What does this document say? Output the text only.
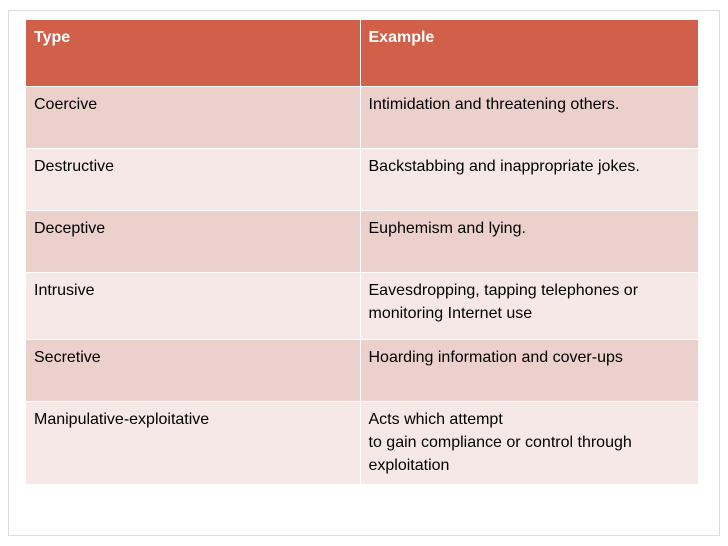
Type	Example
Coercive	Intimidation and threatening others.

Destructive	Backstabbing and inappropriate jokes.

Deceptive	Euphemism and lying.

Intrusive	Eavesdropping, tapping telephones or
monitoring Internet use

Secretive	Hoarding information and cover-ups

Manipulative-exploitative	Acts which attempt
to gain compliance or control through
exploitation
